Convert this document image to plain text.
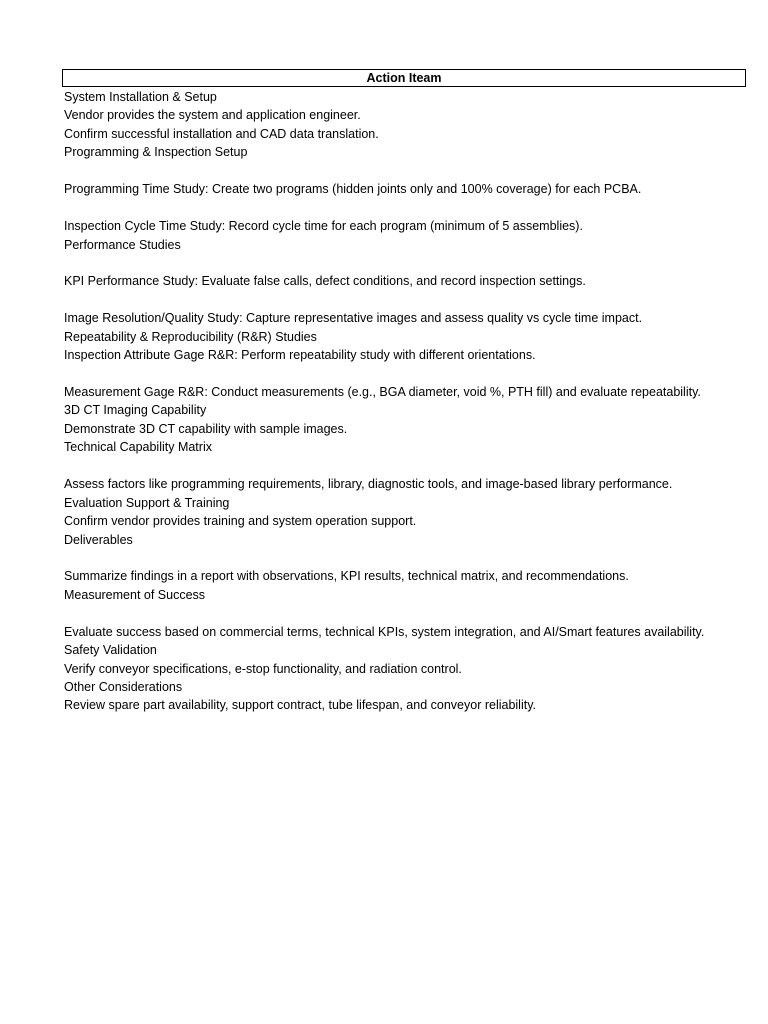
Action Iteam
System Installation & Setup
Vendor provides the system and application engineer.
Confirm successful installation and CAD data translation.
Programming & Inspection Setup
Programming Time Study: Create two programs (hidden joints only and 100% coverage) for each PCBA.
Inspection Cycle Time Study: Record cycle time for each program (minimum of 5 assemblies).
Performance Studies
KPI Performance Study: Evaluate false calls, defect conditions, and record inspection settings.
Image Resolution/Quality Study: Capture representative images and assess quality vs cycle time impact.
Repeatability & Reproducibility (R&R) Studies
Inspection Attribute Gage R&R: Perform repeatability study with different orientations.
Measurement Gage R&R: Conduct measurements (e.g., BGA diameter, void %, PTH fill) and evaluate repeatability.
3D CT Imaging Capability
Demonstrate 3D CT capability with sample images.
Technical Capability Matrix
Assess factors like programming requirements, library, diagnostic tools, and image-based library performance.
Evaluation Support & Training
Confirm vendor provides training and system operation support.
Deliverables
Summarize findings in a report with observations, KPI results, technical matrix, and recommendations.
Measurement of Success
Evaluate success based on commercial terms, technical KPIs, system integration, and AI/Smart features availability.
Safety Validation
Verify conveyor specifications, e-stop functionality, and radiation control.
Other Considerations
Review spare part availability, support contract, tube lifespan, and conveyor reliability.
